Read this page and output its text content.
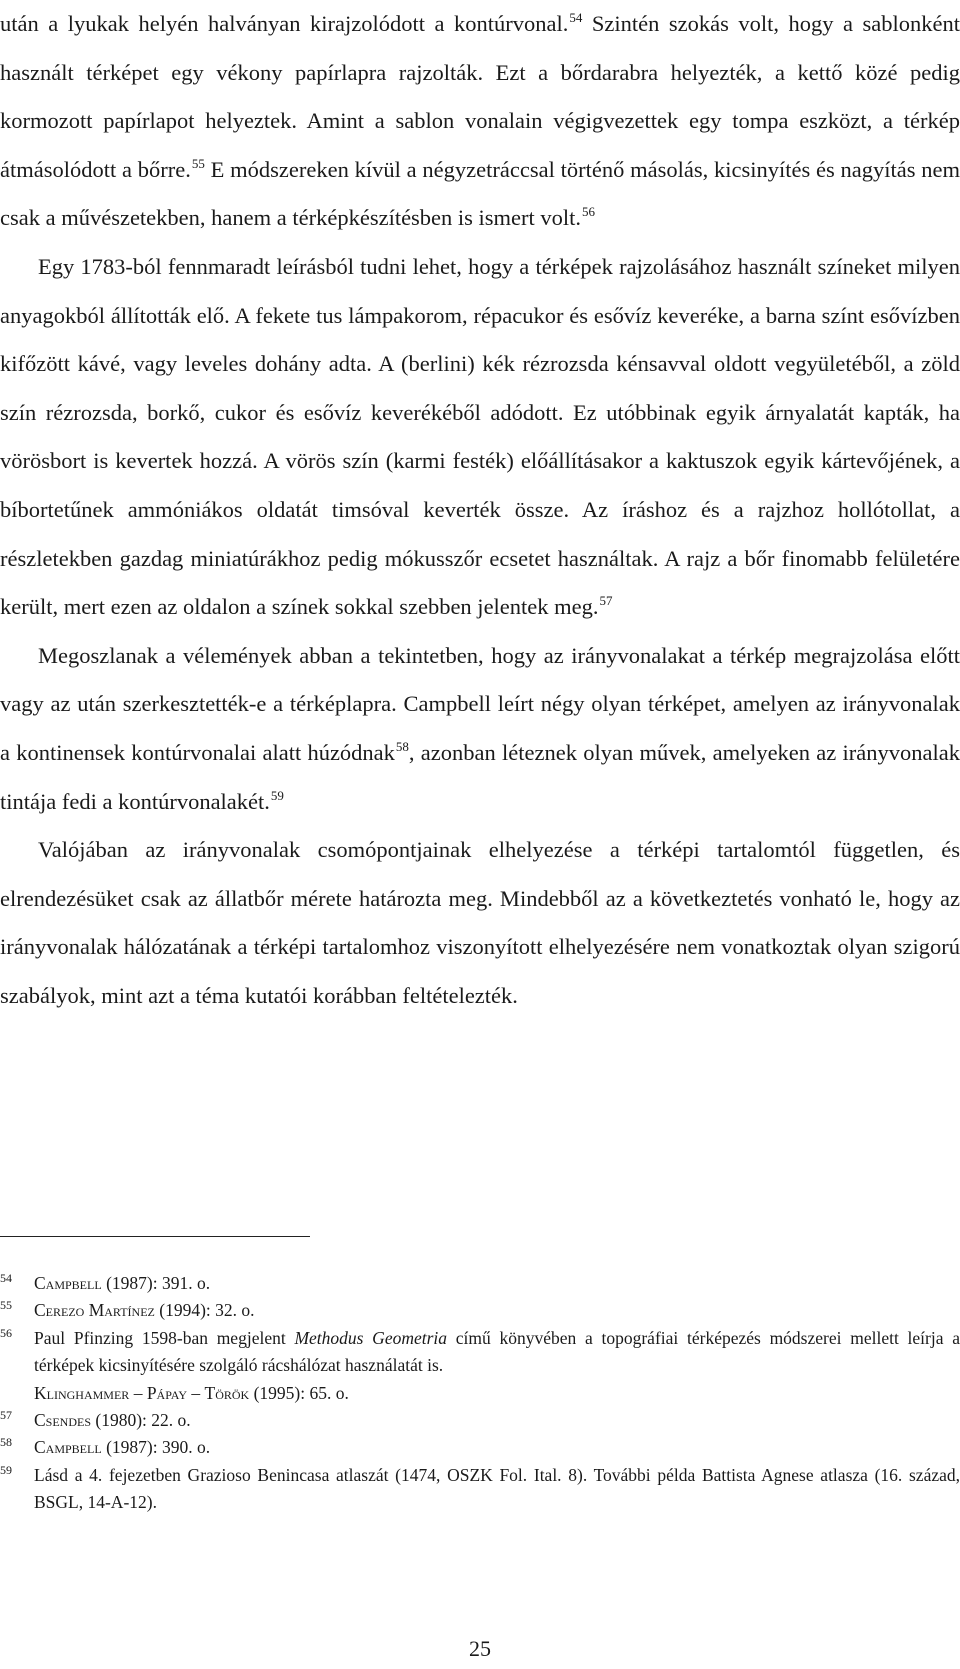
után a lyukak helyén halványan kirajzolódott a kontúrvonal.$^{54}$ Szintén szokás volt, hogy a sablonként használt térképet egy vékony papírlapra rajzolták. Ezt a bőrdarabra helyezték, a kettő közé pedig kormozott papírlapot helyeztek. Amint a sablon vonalain végigvezettek egy tompa eszközt, a térkép átmásolódott a bőrre.$^{55}$ E módszereken kívül a négyzetráccsal történő másolás, kicsinyítés és nagyítás nem csak a művészetekben, hanem a térképkészítésben is ismert volt.$^{56}$

Egy 1783-ból fennmaradt leírásból tudni lehet, hogy a térképek rajzolásához használt színeket milyen anyagokból állították elő. A fekete tus lámpakorom, répacukor és esővíz keveréke, a barna színt esővízben kifőzött kávé, vagy leveles dohány adta. A (berlini) kék rézrozsda kénsavval oldott vegyületéből, a zöld szín rézrozsda, borkő, cukor és esővíz keverékéből adódott. Ez utóbbinak egyik árnyalatát kapták, ha vörösbort is kevertek hozzá. A vörös szín (karmi festék) előállításakor a kaktuszok egyik kártevőjének, a bíbortetűnek ammóniákos oldatát timsóval keverték össze. Az íráshoz és a rajzhoz hollótollat, a részletekben gazdag miniatúrákhoz pedig mókusszőr ecsetet használtak. A rajz a bőr finomabb felületére került, mert ezen az oldalon a színek sokkal szebben jelentek meg.$^{57}$

Megoszlanak a vélemények abban a tekintetben, hogy az irányvonalakat a térkép megrajzolása előtt vagy az után szerkesztették-e a térképlapra. Campbell leírt négy olyan térképet, amelyen az irányvonalak a kontinensek kontúrvonalai alatt húzódnak$^{58}$, azonban léteznek olyan művek, amelyeken az irányvonalak tintája fedi a kontúrvonalakét.$^{59}$

Valójában az irányvonalak csomópontjainak elhelyezése a térképi tartalomtól független, és elrendezésüket csak az állatbőr mérete határozta meg. Mindebből az a következtetés vonható le, hogy az irányvonalak hálózatának a térképi tartalomhoz viszonyított elhelyezésére nem vonatkoztak olyan szigorú szabályok, mint azt a téma kutatói korábban feltételezték.

54 Campbell (1987): 391. o.
55 Cerezo Martínez (1994): 32. o.
56 Paul Pfinzing 1598-ban megjelent Methodus Geometria című könyvében a topográfiai térképezés módszerei mellett leírja a térképek kicsinyítésére szolgáló rácshálózat használatát is.
Klinghammer – Pápay – Török (1995): 65. o.
57 Csendes (1980): 22. o.
58 Campbell (1987): 390. o.
59 Lásd a 4. fejezetben Grazioso Benincasa atlaszát (1474, OSZK Fol. Ital. 8). További példa Battista Agnese atlasza (16. század, BSGL, 14-A-12).
25
